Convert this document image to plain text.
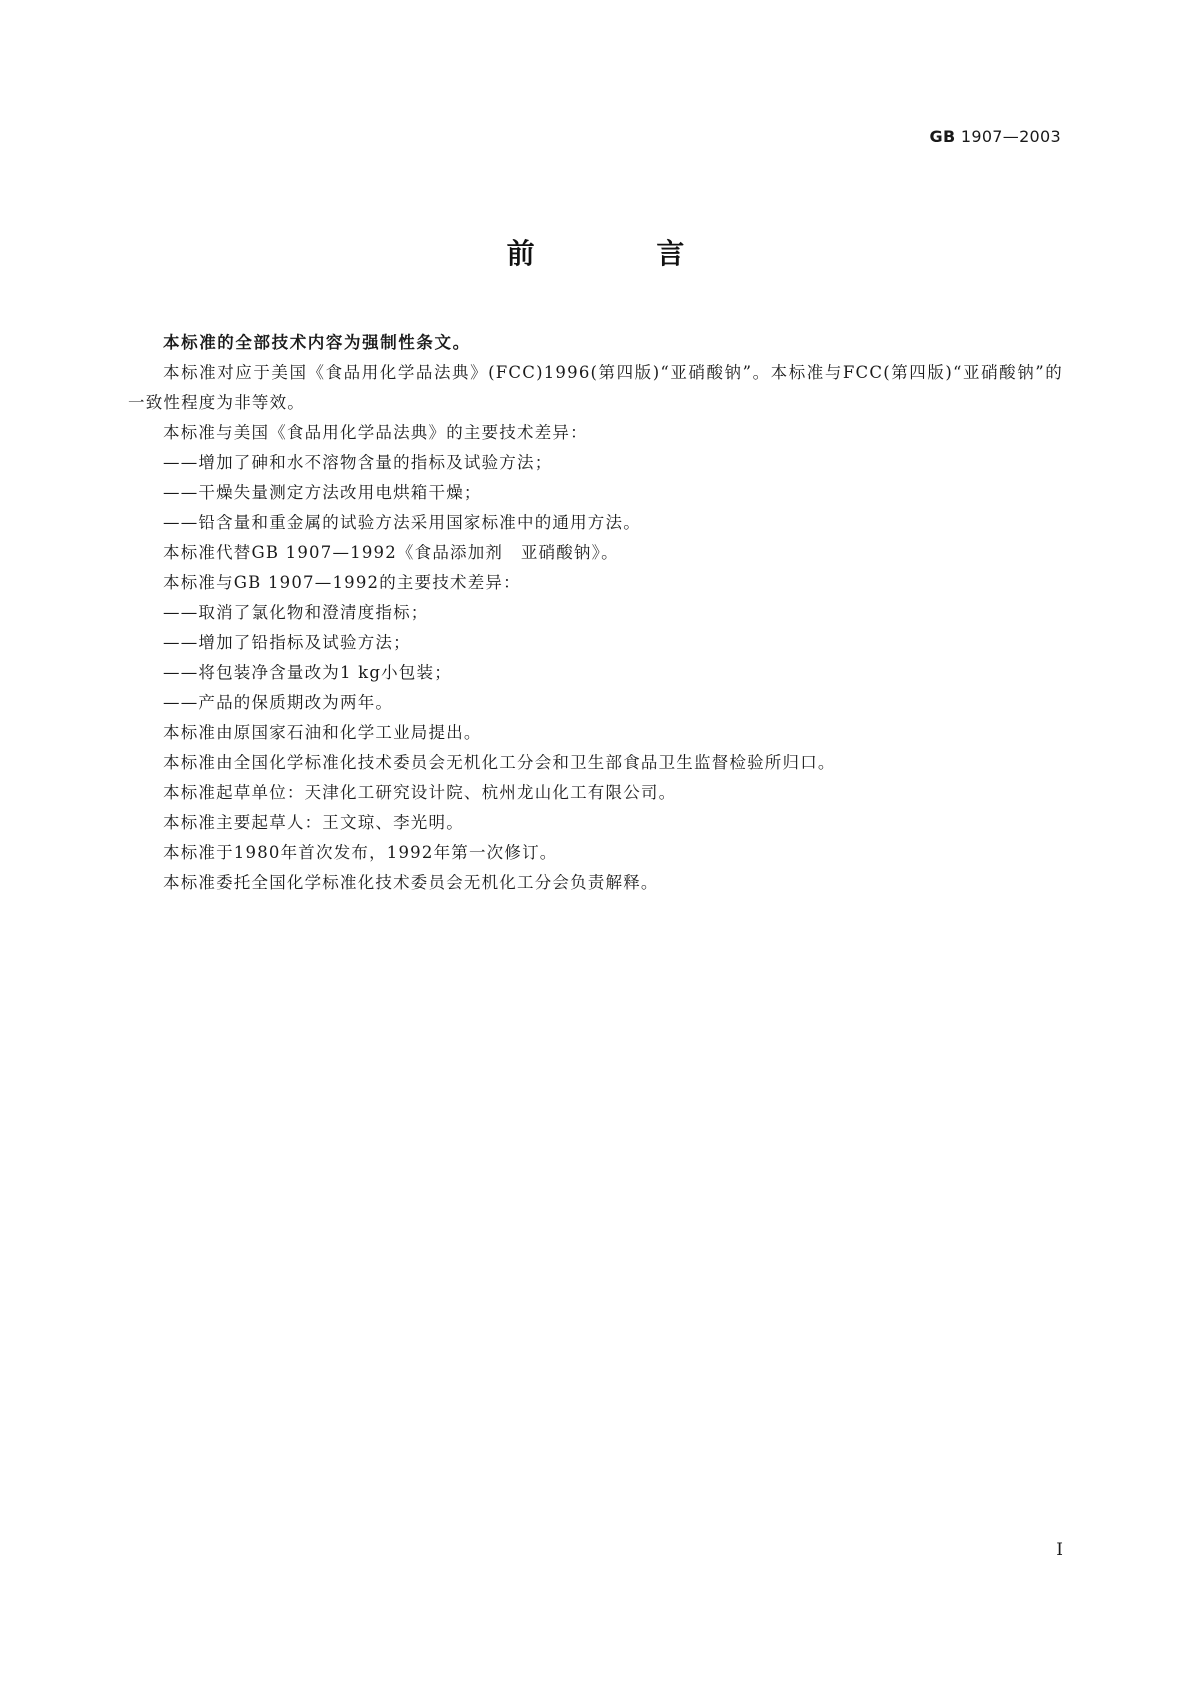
GB 1907—2003
前 言

本标准的全部技术内容为强制性条文。

本标准对应于美国《食品用化学品法典》(FCC)1996(第四版)“亚硝酸钠”。本标准与FCC(第四版)“亚硝酸钠”的一致性程度为非等效。

本标准与美国《食品用化学品法典》的主要技术差异：

——增加了砷和水不溶物含量的指标及试验方法；

——干燥失量测定方法改用电烘箱干燥；

——铅含量和重金属的试验方法采用国家标准中的通用方法。

本标准代替GB 1907—1992《食品添加剂　亚硝酸钠》。

本标准与GB 1907—1992的主要技术差异：

——取消了氯化物和澄清度指标；

——增加了铅指标及试验方法；

——将包装净含量改为1 kg小包装；

——产品的保质期改为两年。

本标准由原国家石油和化学工业局提出。

本标准由全国化学标准化技术委员会无机化工分会和卫生部食品卫生监督检验所归口。

本标准起草单位：天津化工研究设计院、杭州龙山化工有限公司。

本标准主要起草人：王文琼、李光明。

本标准于1980年首次发布，1992年第一次修订。

本标准委托全国化学标准化技术委员会无机化工分会负责解释。

I
